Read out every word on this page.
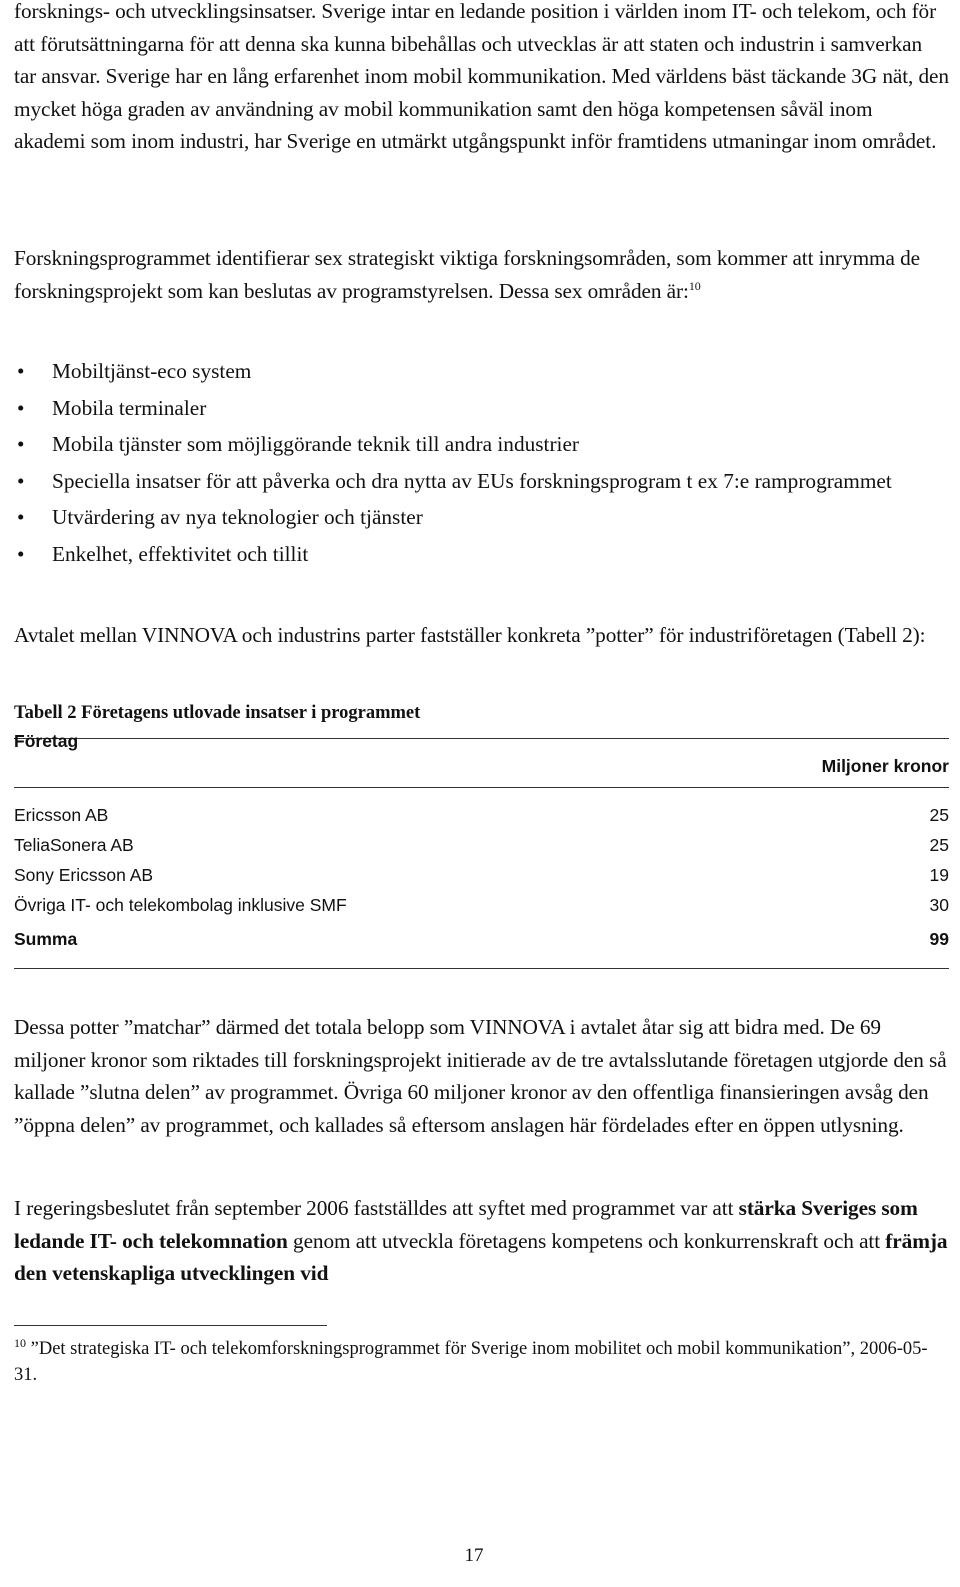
forsknings- och utvecklingsinsatser. Sverige intar en ledande position i världen inom IT- och telekom, och för att förutsättningarna för att denna ska kunna bibehållas och utvecklas är att staten och industrin i samverkan tar ansvar. Sverige har en lång erfarenhet inom mobil kommunikation. Med världens bäst täckande 3G nät, den mycket höga graden av användning av mobil kommunikation samt den höga kompetensen såväl inom akademi som inom industri, har Sverige en utmärkt utgångspunkt inför framtidens utmaningar inom området.

Forskningsprogrammet identifierar sex strategiskt viktiga forskningsområden, som kommer att inrymma de forskningsprojekt som kan beslutas av programstyrelsen. Dessa sex områden är:$^{10}$

• Mobiltjänst-eco system
• Mobila terminaler
• Mobila tjänster som möjliggörande teknik till andra industrier
• Speciella insatser för att påverka och dra nytta av EUs forskningsprogram t ex 7:e ramprogrammet
• Utvärdering av nya teknologier och tjänster
• Enkelhet, effektivitet och tillit

Avtalet mellan VINNOVA och industrins parter fastställer konkreta ”potter” för industriföretagen (Tabell 2):

Tabell 2 Företagens utlovade insatser i programmet
Företag
Miljoner kronor
Ericsson AB	25
TeliaSonera AB	25
Sony Ericsson AB	19
Övriga IT- och telekombolag inklusive SMF	30
Summa	99

Dessa potter ”matchar” därmed det totala belopp som VINNOVA i avtalet åtar sig att bidra med. De 69 miljoner kronor som riktades till forskningsprojekt initierade av de tre avtalsslutande företagen utgjorde den så kallade ”slutna delen” av programmet. Övriga 60 miljoner kronor av den offentliga finansieringen avsåg den ”öppna delen” av programmet, och kallades så eftersom anslagen här fördelades efter en öppen utlysning.

I regeringsbeslutet från september 2006 fastställdes att syftet med programmet var att stärka Sveriges som ledande IT- och telekomnation genom att utveckla företagens kompetens och konkurrenskraft och att främja den vetenskapliga utvecklingen vid

$^{10}$ ”Det strategiska IT- och telekomforskningsprogrammet för Sverige inom mobilitet och mobil kommunikation”, 2006-05-31.
17
